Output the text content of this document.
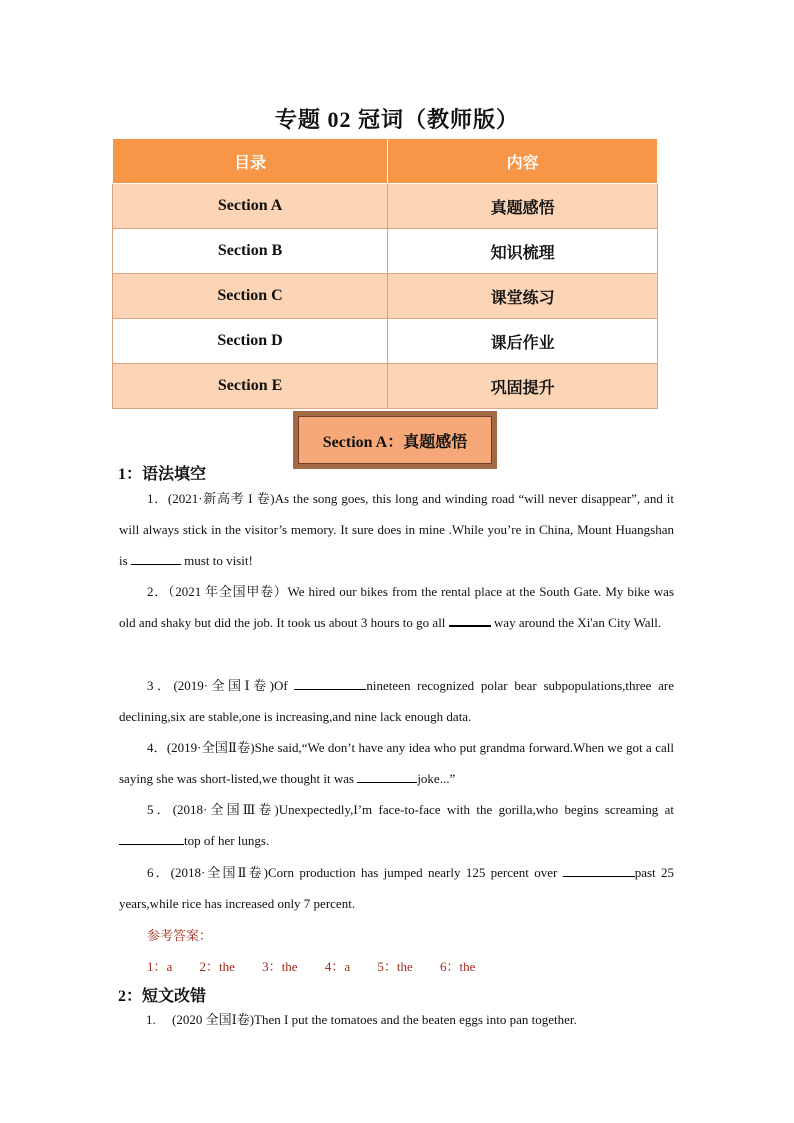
专题 02 冠词（教师版）
目录	内容
Section A	真题感悟
Section B	知识梳理
Section C	课堂练习
Section D	课后作业
Section E	巩固提升
Section A：真题感悟
1：语法填空
1．(2021·新高考 I 卷)As the song goes, this long and winding road “will never disappear”, and it will always stick in the visitor’s memory. It sure does in mine .While you’re in China, Mount Huangshan is	must to visit!
2．（2021 年全国甲卷）We hired our bikes from the rental place at the South Gate. My bike was old and shaky but did the job. It took us about 3 hours to go all	way around the Xi'an City Wall.
3．(2019·全国Ⅰ卷)Of	nineteen recognized polar bear subpopulations,three are declining,six are stable,one is increasing,and nine lack enough data.
4．(2019·全国Ⅱ卷)She said,“We don’t have any idea who put grandma forward.When we got a call saying she was short-listed,we thought it was	joke...”
5．(2018·全国Ⅲ卷)Unexpectedly,I’m face-to-face with the gorilla,who begins screaming at top of her lungs.
6．(2018·全国Ⅱ卷)Corn production has jumped nearly 125 percent over	past 25 years,while rice has increased only 7 percent.
参考答案：
1：a 2：the 3：the 4：a 5：the 6：the
2：短文改错
1. (2020 全国Ⅰ卷)Then I put the tomatoes and the beaten eggs into pan together.
